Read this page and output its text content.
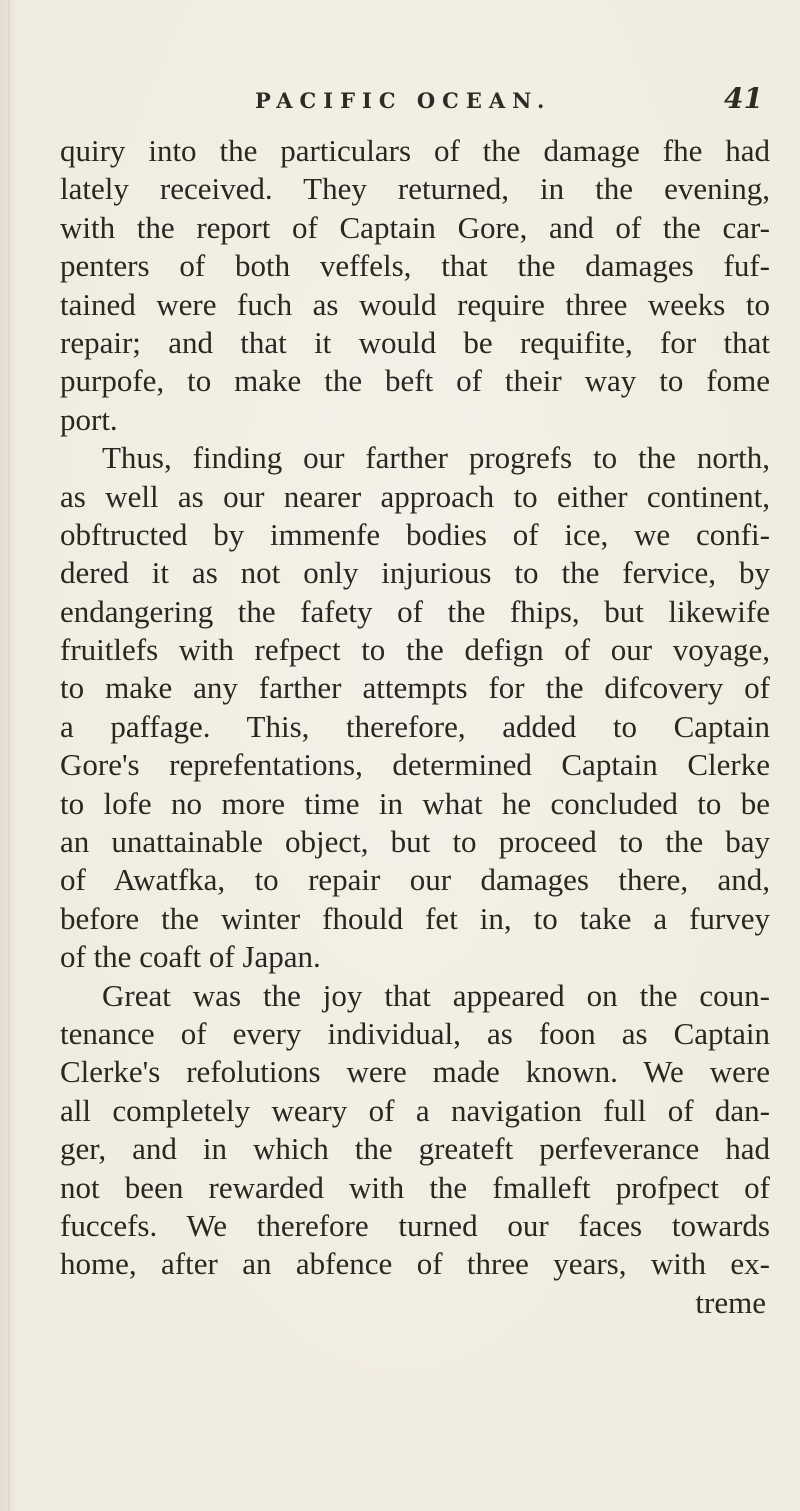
PACIFIC OCEAN.	41
quiry into the particulars of the damage fhe had
lately received. They returned, in the evening,
with the report of Captain Gore, and of the car-
penters of both veffels, that the damages fuf-
tained were fuch as would require three weeks to
repair; and that it would be requifite, for that
purpofe, to make the beft of their way to fome
port.
Thus, finding our farther progrefs to the north,
as well as our nearer approach to either continent,
obftructed by immenfe bodies of ice, we confi-
dered it as not only injurious to the fervice, by
endangering the fafety of the fhips, but likewife
fruitlefs with refpect to the defign of our voyage,
to make any farther attempts for the difcovery of
a paffage. This, therefore, added to Captain
Gore's reprefentations, determined Captain Clerke
to lofe no more time in what he concluded to be
an unattainable object, but to proceed to the bay
of Awatfka, to repair our damages there, and,
before the winter fhould fet in, to take a furvey
of the coaft of Japan.
Great was the joy that appeared on the coun-
tenance of every individual, as foon as Captain
Clerke's refolutions were made known. We were
all completely weary of a navigation full of dan-
ger, and in which the greateft perfeverance had
not been rewarded with the fmalleft profpect of
fuccefs. We therefore turned our faces towards
home, after an abfence of three years, with ex-
treme
